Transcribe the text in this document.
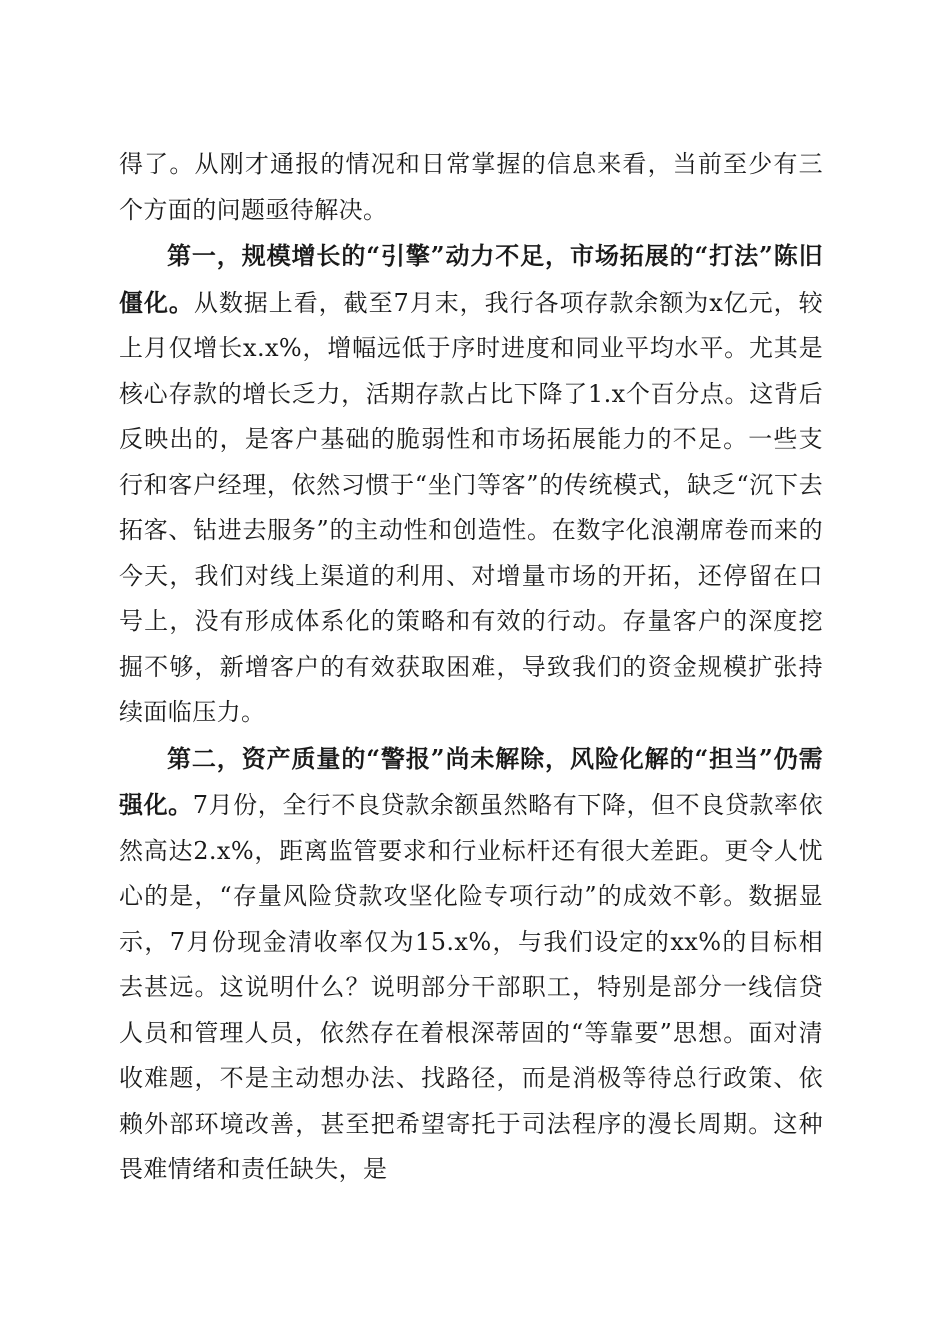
得了。从刚才通报的情况和日常掌握的信息来看，当前至少有三个方面的问题亟待解决。

第一，规模增长的“引擎”动力不足，市场拓展的“打法”陈旧僵化。从数据上看，截至7月末，我行各项存款余额为x亿元，较上月仅增长x.x%，增幅远低于序时进度和同业平均水平。尤其是核心存款的增长乏力，活期存款占比下降了1.x个百分点。这背后反映出的，是客户基础的脆弱性和市场拓展能力的不足。一些支行和客户经理，依然习惯于“坐门等客”的传统模式，缺乏“沉下去拓客、钻进去服务”的主动性和创造性。在数字化浪潮席卷而来的今天，我们对线上渠道的利用、对增量市场的开拓，还停留在口号上，没有形成体系化的策略和有效的行动。存量客户的深度挖掘不够，新增客户的有效获取困难，导致我们的资金规模扩张持续面临压力。

第二，资产质量的“警报”尚未解除，风险化解的“担当”仍需强化。7月份，全行不良贷款余额虽然略有下降，但不良贷款率依然高达2.x%，距离监管要求和行业标杆还有很大差距。更令人忧心的是，“存量风险贷款攻坚化险专项行动”的成效不彰。数据显示，7月份现金清收率仅为15.x%，与我们设定的xx%的目标相去甚远。这说明什么？说明部分干部职工，特别是部分一线信贷人员和管理人员，依然存在着根深蒂固的“等靠要”思想。面对清收难题，不是主动想办法、找路径，而是消极等待总行政策、依赖外部环境改善，甚至把希望寄托于司法程序的漫长周期。这种畏难情绪和责任缺失，是
